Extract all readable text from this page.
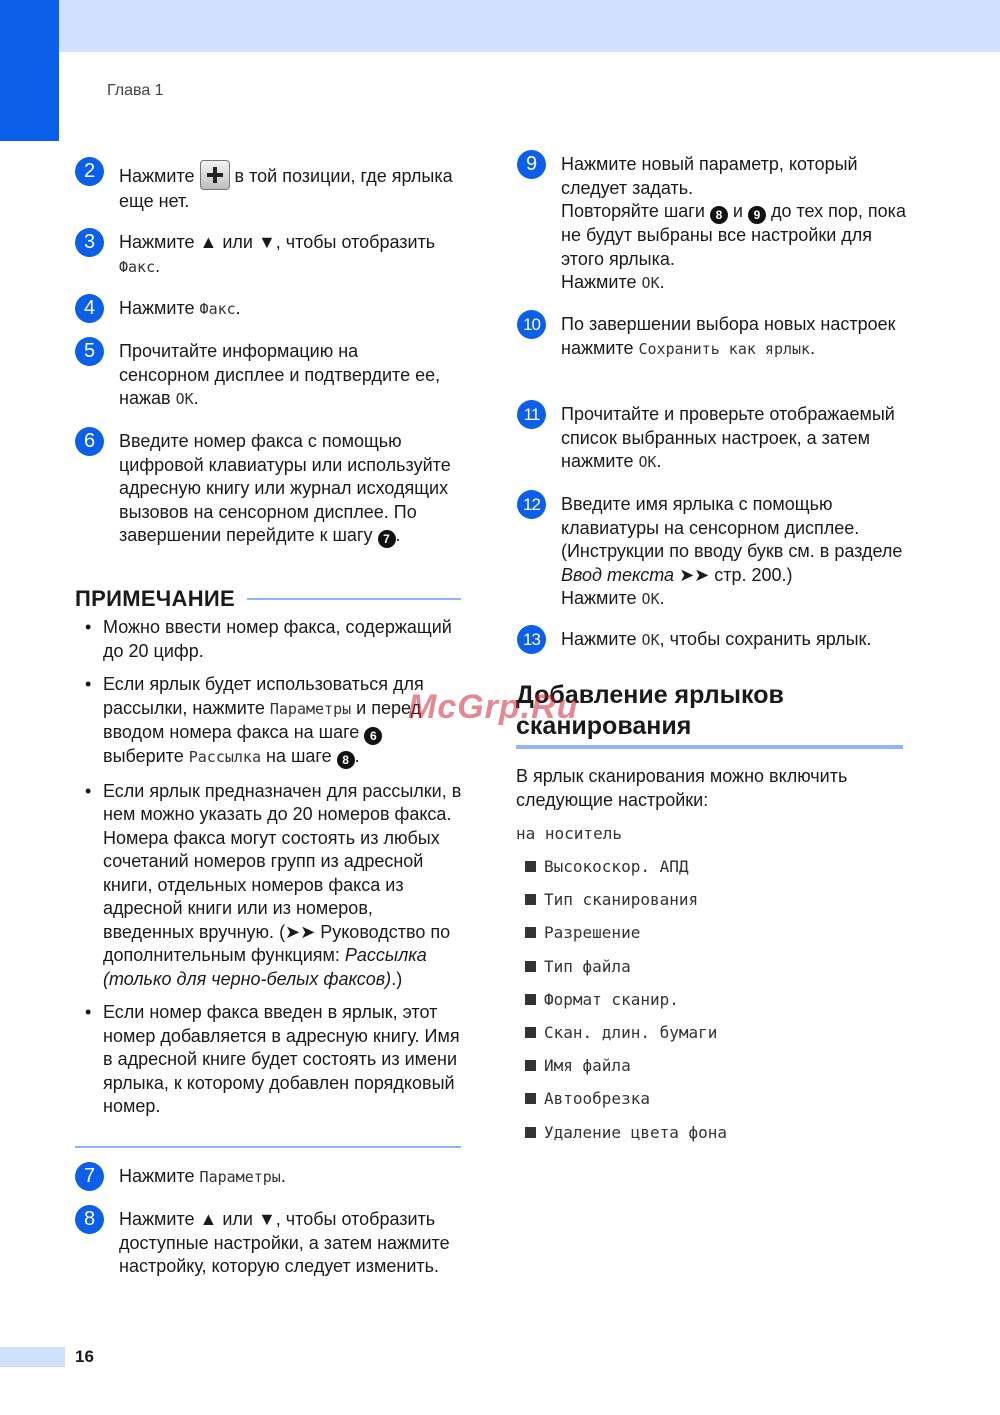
Глава 1
2	Нажмите  в той позиции, где ярлыка еще нет.
3	Нажмите ▲ или ▼, чтобы отобразить Факс.
4	Нажмите Факс.
5	Прочитайте информацию на сенсорном дисплее и подтвердите ее, нажав OK.
6	Введите номер факса с помощью цифровой клавиатуры или используйте адресную книгу или журнал исходящих вызовов на сенсорном дисплее. По завершении перейдите к шагу 7 .
ПРИМЕЧАНИЕ
• Можно ввести номер факса, содержащий до 20 цифр.
• Если ярлык будет использоваться для рассылки, нажмите Параметры и перед вводом номера факса на шаге 6 выберите Рассылка на шаге 8 .
• Если ярлык предназначен для рассылки, в нем можно указать до 20 номеров факса. Номера факса могут состоять из любых сочетаний номеров групп из адресной книги, отдельных номеров факса из адресной книги или из номеров, введенных вручную. (➤➤ Руководство по дополнительным функциям: Рассылка (только для черно-белых факсов).)
• Если номер факса введен в ярлык, этот номер добавляется в адресную книгу. Имя в адресной книге будет состоять из имени ярлыка, к которому добавлен порядковый номер.
7	Нажмите Параметры.
8	Нажмите ▲ или ▼, чтобы отобразить доступные настройки, а затем нажмите настройку, которую следует изменить.
9	Нажмите новый параметр, который следует задать.
Повторяйте шаги 8 и 9 до тех пор, пока не будут выбраны все настройки для этого ярлыка.
Нажмите OK.
10	По завершении выбора новых настроек нажмите Сохранить как ярлык.
11	Прочитайте и проверьте отображаемый список выбранных настроек, а затем нажмите OK.
12	Введите имя ярлыка с помощью клавиатуры на сенсорном дисплее. (Инструкции по вводу букв см. в разделе Ввод текста ➤➤ стр. 200.)
Нажмите OK.
13	Нажмите OK, чтобы сохранить ярлык.
Добавление ярлыков сканирования
В ярлык сканирования можно включить следующие настройки:
на носитель
Высокоскор. АПД
Тип сканирования
Разрешение
Тип файла
Формат сканир.
Скан. длин. бумаги
Имя файла
Автообрезка
Удаление цвета фона
16
McGrp.Ru
